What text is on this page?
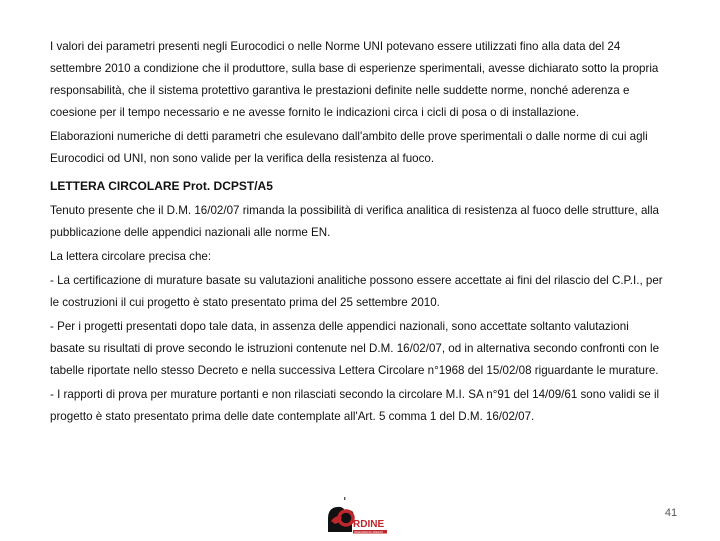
I valori dei parametri presenti negli Eurocodici o nelle Norme UNI potevano essere utilizzati fino alla data del 24
settembre 2010 a condizione che il produttore, sulla base di esperienze sperimentali, avesse dichiarato sotto la propria
responsabilità, che il sistema protettivo garantiva le prestazioni definite nelle suddette norme, nonché aderenza e
coesione per il tempo necessario e ne avesse fornito le indicazioni circa i cicli di posa o di installazione.
Elaborazioni numeriche di detti parametri che esulevano dall'ambito delle prove sperimentali o dalle norme di cui agli
Eurocodici od UNI, non sono valide per la verifica della resistenza al fuoco.
LETTERA CIRCOLARE Prot. DCPST/A5
Tenuto presente che il D.M. 16/02/07 rimanda la possibilità di verifica analitica di resistenza al fuoco delle strutture, alla
pubblicazione delle appendici nazionali alle norme EN.
La lettera circolare precisa che:
- La certificazione di murature basate su valutazioni analitiche possono essere accettate ai fini del rilascio del C.P.I., per
le costruzioni il cui progetto è stato presentato prima del 25 settembre 2010.
- Per i progetti presentati dopo tale data, in assenza delle appendici nazionali, sono accettate soltanto valutazioni
basate su risultati di prove secondo le istruzioni contenute nel D.M. 16/02/07, od in alternativa secondo confronti con le
tabelle riportate nello stesso Decreto e nella successiva Lettera Circolare n°1968 del 15/02/08 riguardante le murature.
- I rapporti di prova per murature portanti e non rilasciati secondo la circolare M.I. SA n°91 del 14/09/61 sono validi se il
progetto è stato presentato prima delle date contemplate all'Art. 5 comma 1 del D.M. 16/02/07.
RDINE
INGEGNERI DI AREZZO
41
